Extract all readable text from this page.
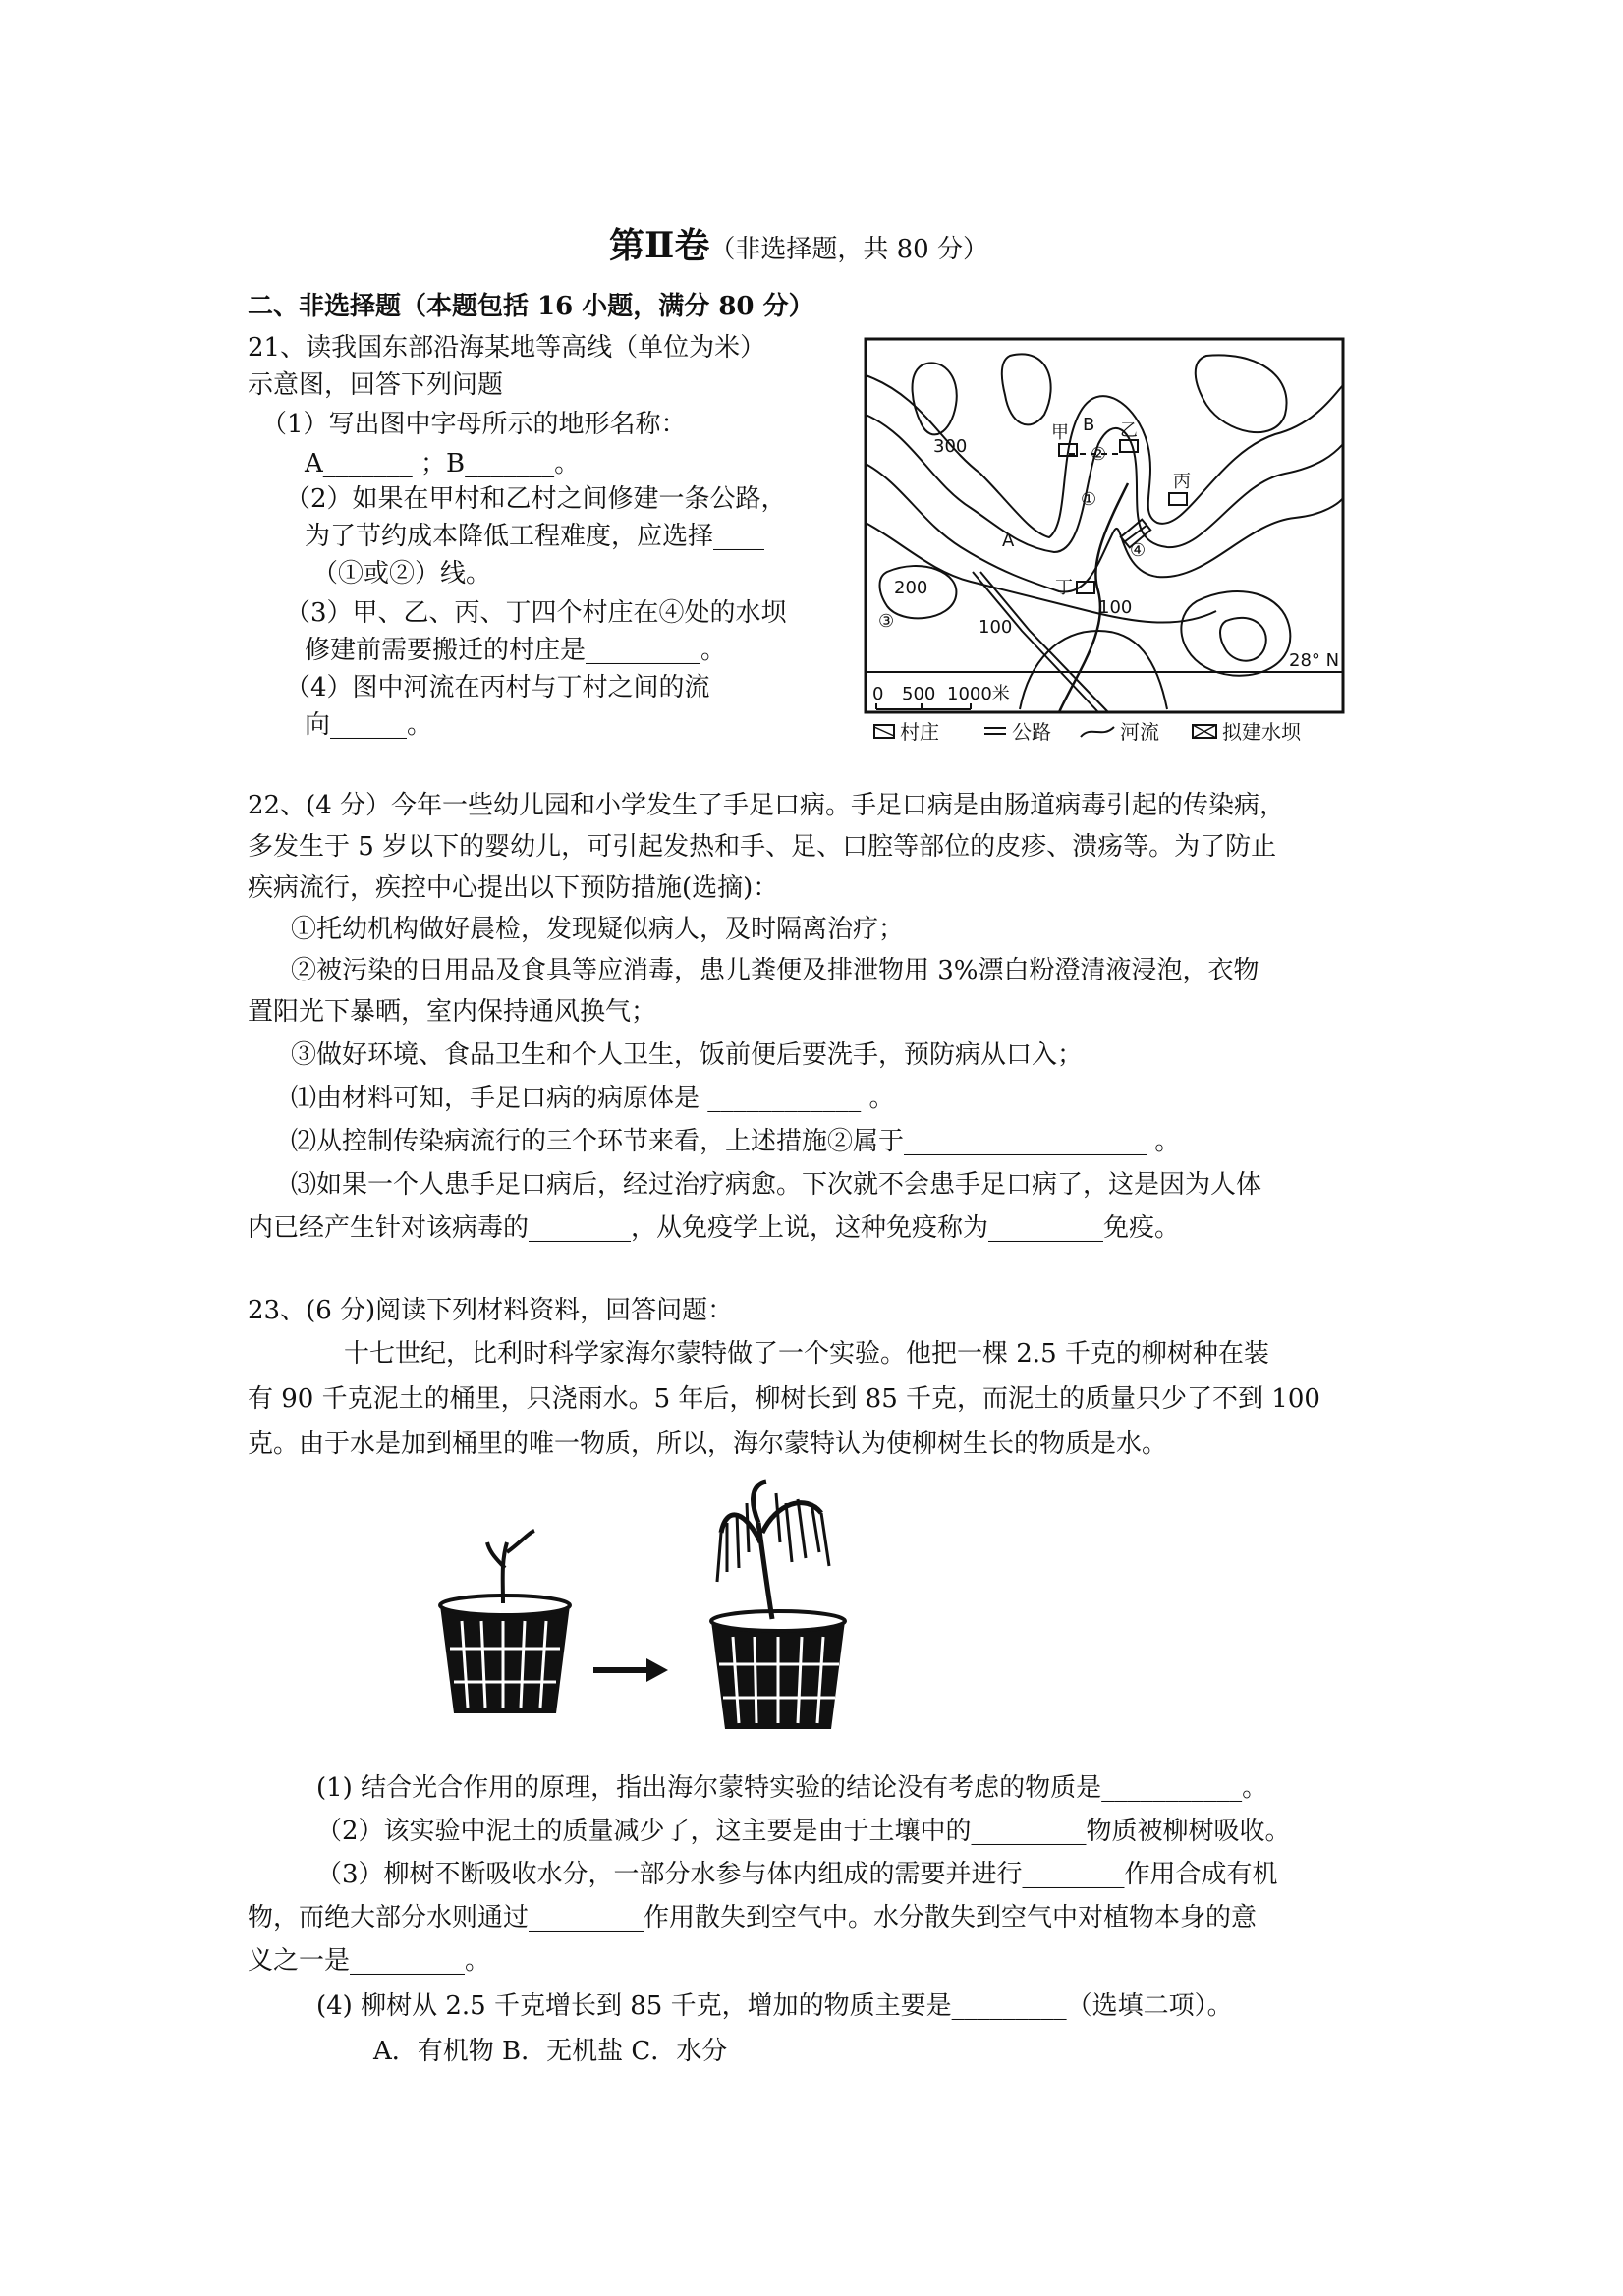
第Ⅱ卷（非选择题，共 80 分）
二、非选择题（本题包括 16 小题，满分 80 分）
21、读我国东部沿海某地等高线（单位为米）
示意图，回答下列问题
（1）写出图中字母所示的地形名称：
A_______ ；B_______。
（2）如果在甲村和乙村之间修建一条公路，
为了节约成本降低工程难度，应选择____
（①或②）线。
（3）甲、乙、丙、丁四个村庄在④处的水坝
修建前需要搬迁的村庄是_________。
（4）图中河流在丙村与丁村之间的流
向______。
300
200
100
100
A
B
甲	乙
丙
丁
①
②
③
④
28° N
0 500 1000米
村庄	公路	河流	拟建水坝
22、(4 分）今年一些幼儿园和小学发生了手足口病。手足口病是由肠道病毒引起的传染病，
多发生于 5 岁以下的婴幼儿，可引起发热和手、足、口腔等部位的皮疹、溃疡等。为了防止
疾病流行，疾控中心提出以下预防措施(选摘)：
①托幼机构做好晨检，发现疑似病人，及时隔离治疗；
②被污染的日用品及食具等应消毒，患儿粪便及排泄物用 3%漂白粉澄清液浸泡，衣物
置阳光下暴晒，室内保持通风换气；
③做好环境、食品卫生和个人卫生，饭前便后要洗手，预防病从口入；
⑴由材料可知，手足口病的病原体是 ____________ 。
⑵从控制传染病流行的三个环节来看，上述措施②属于___________________ 。
⑶如果一个人患手足口病后，经过治疗病愈。下次就不会患手足口病了，这是因为人体
内已经产生针对该病毒的________，从免疫学上说，这种免疫称为_________免疫。
23、(6 分)阅读下列材料资料，回答问题：
十七世纪，比利时科学家海尔蒙特做了一个实验。他把一棵 2.5 千克的柳树种在装
有 90 千克泥土的桶里，只浇雨水。5 年后，柳树长到 85 千克，而泥土的质量只少了不到 100
克。由于水是加到桶里的唯一物质，所以，海尔蒙特认为使柳树生长的物质是水。
(1) 结合光合作用的原理，指出海尔蒙特实验的结论没有考虑的物质是___________。
（2）该实验中泥土的质量减少了，这主要是由于土壤中的_________物质被柳树吸收。
（3）柳树不断吸收水分，一部分水参与体内组成的需要并进行________作用合成有机
物，而绝大部分水则通过_________作用散失到空气中。水分散失到空气中对植物本身的意
义之一是_________。
(4) 柳树从 2.5 千克增长到 85 千克，增加的物质主要是_________（选填二项）。
A．有机物 B．无机盐 C．水分
